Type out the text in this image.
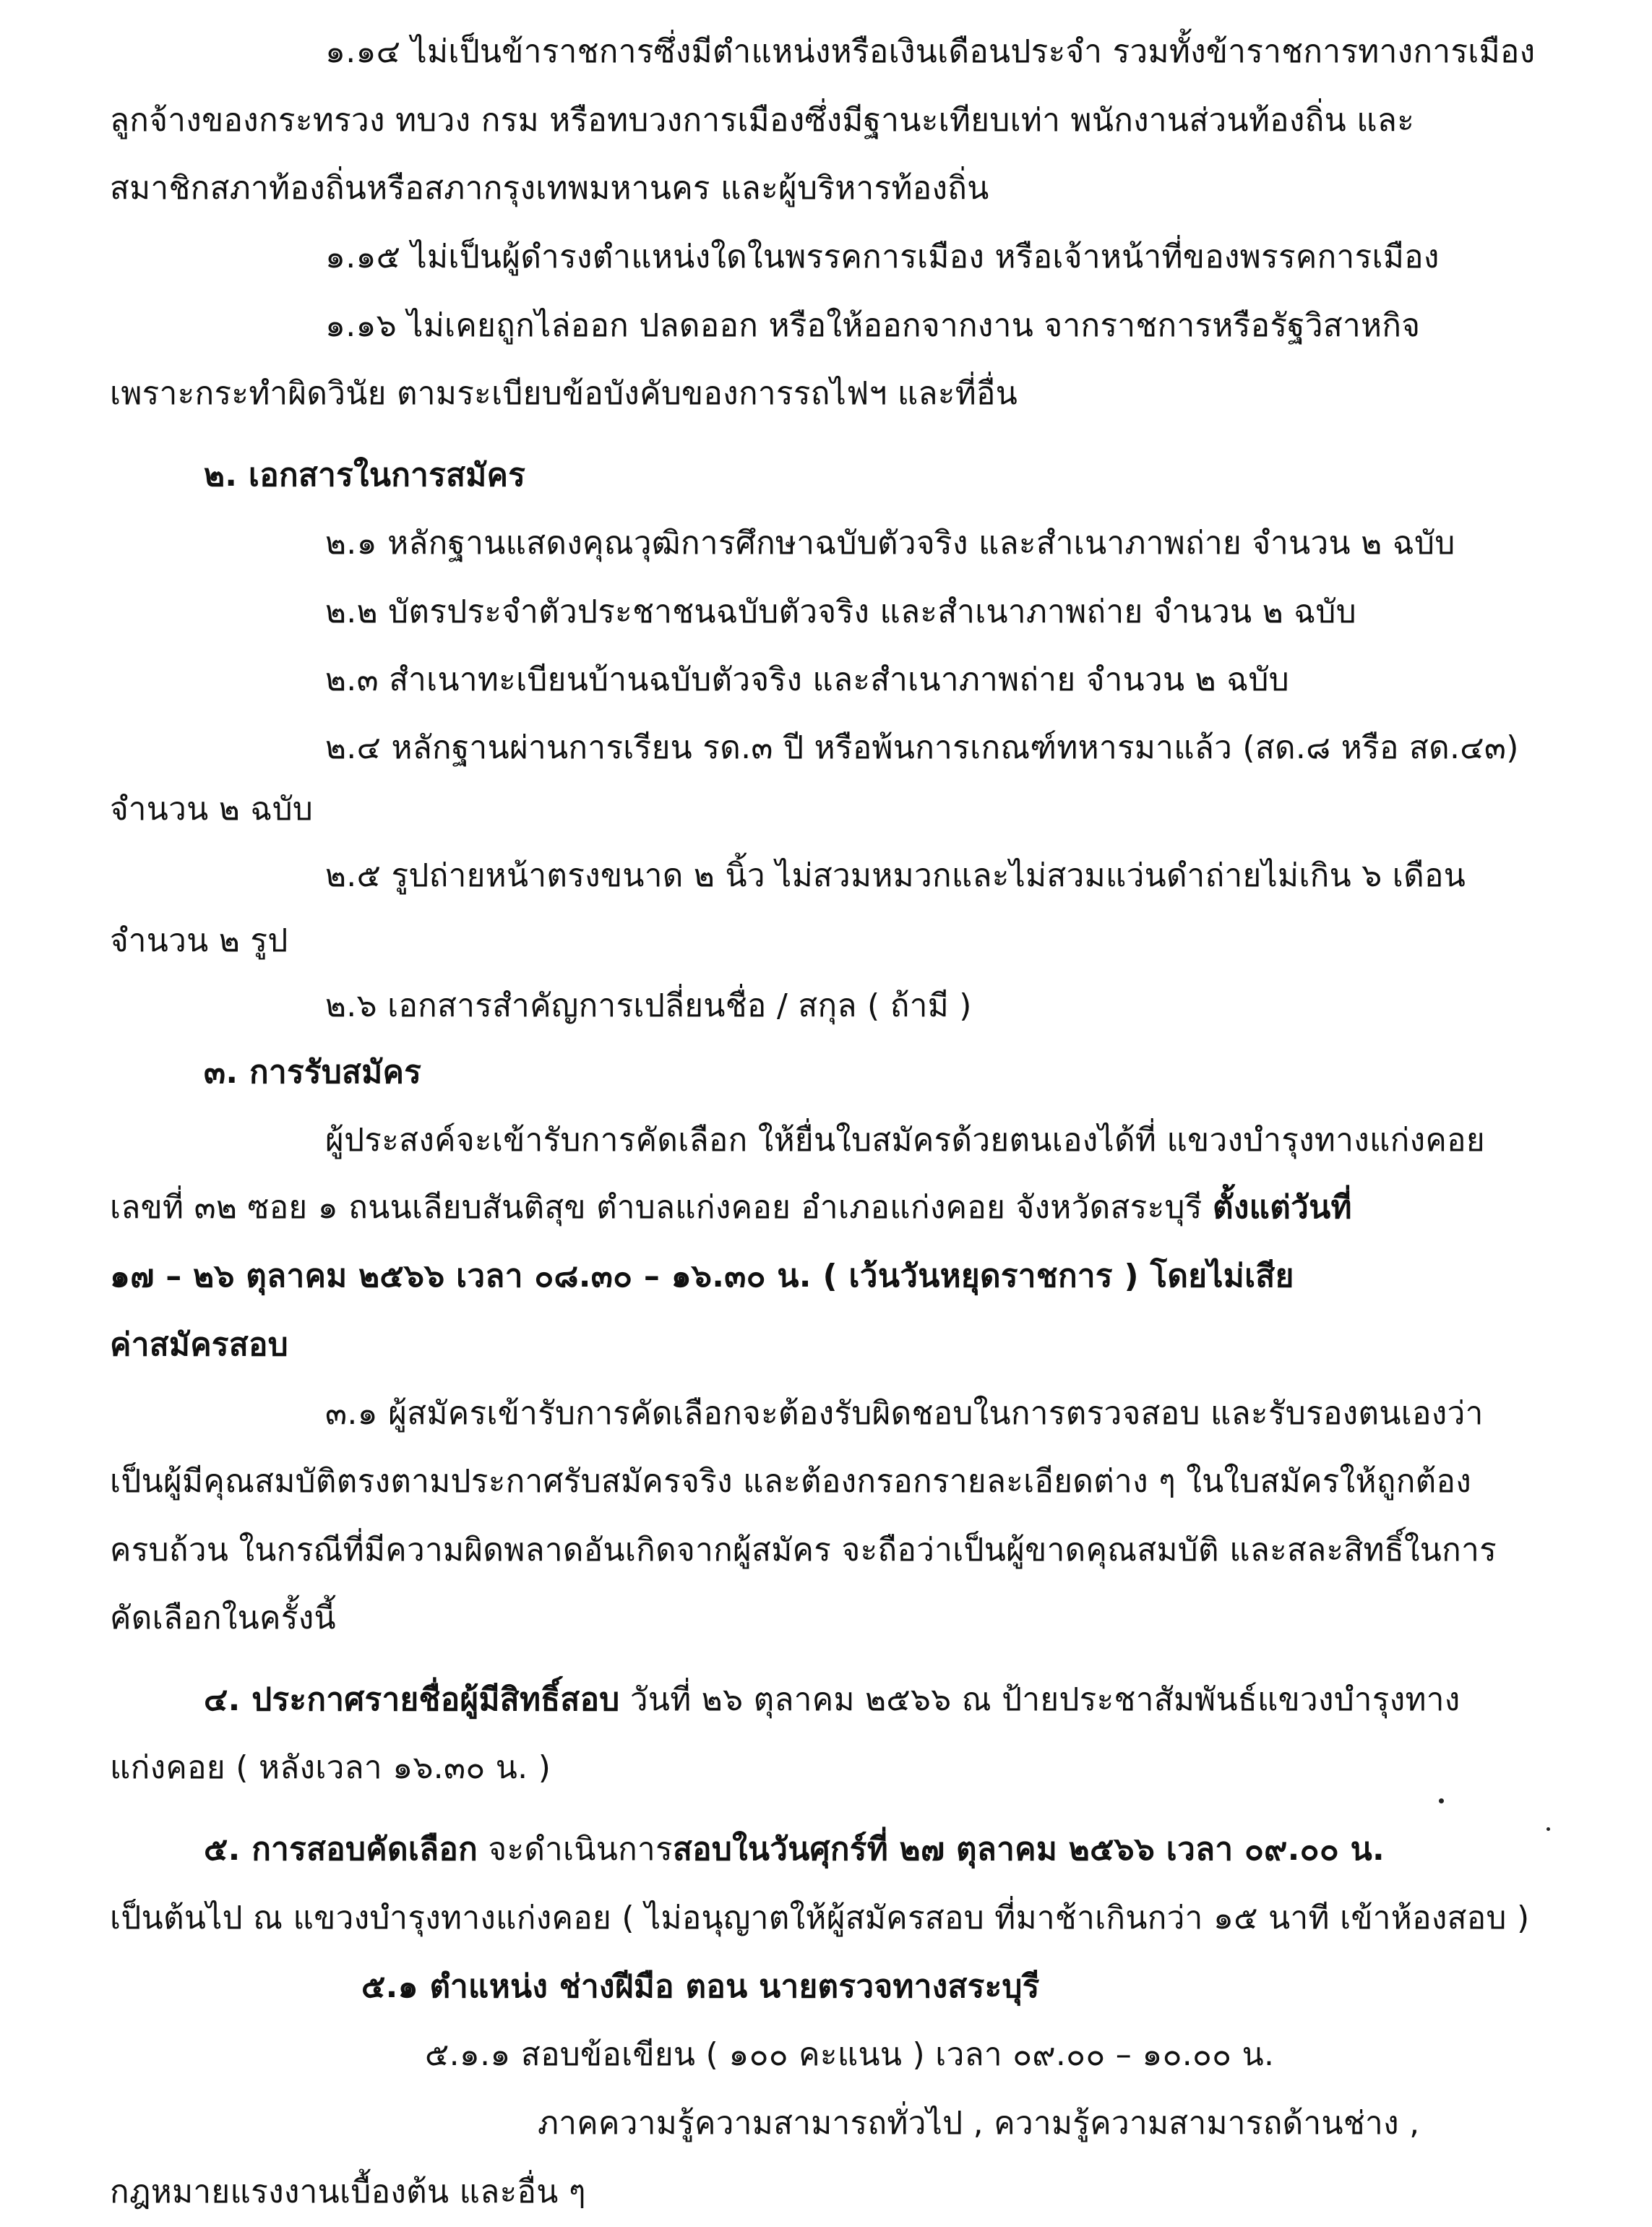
๑.๑๔ ไม่เป็นข้าราชการซึ่งมีตำแหน่งหรือเงินเดือนประจำ รวมทั้งข้าราชการทางการเมือง
ลูกจ้างของกระทรวง ทบวง กรม หรือทบวงการเมืองซึ่งมีฐานะเทียบเท่า พนักงานส่วนท้องถิ่น และ
สมาชิกสภาท้องถิ่นหรือสภากรุงเทพมหานคร และผู้บริหารท้องถิ่น
๑.๑๕ ไม่เป็นผู้ดำรงตำแหน่งใดในพรรคการเมือง หรือเจ้าหน้าที่ของพรรคการเมือง
๑.๑๖ ไม่เคยถูกไล่ออก ปลดออก หรือให้ออกจากงาน จากราชการหรือรัฐวิสาหกิจ
เพราะกระทำผิดวินัย ตามระเบียบข้อบังคับของการรถไฟฯ และที่อื่น
๒. เอกสารในการสมัคร
๒.๑ หลักฐานแสดงคุณวุฒิการศึกษาฉบับตัวจริง และสำเนาภาพถ่าย จำนวน ๒ ฉบับ
๒.๒ บัตรประจำตัวประชาชนฉบับตัวจริง และสำเนาภาพถ่าย จำนวน ๒ ฉบับ
๒.๓ สำเนาทะเบียนบ้านฉบับตัวจริง และสำเนาภาพถ่าย จำนวน ๒ ฉบับ
๒.๔ หลักฐานผ่านการเรียน รด.๓ ปี หรือพ้นการเกณฑ์ทหารมาแล้ว (สด.๘ หรือ สด.๔๓)
จำนวน ๒ ฉบับ
๒.๕ รูปถ่ายหน้าตรงขนาด ๒ นิ้ว ไม่สวมหมวกและไม่สวมแว่นดำถ่ายไม่เกิน ๖ เดือน
จำนวน ๒ รูป
๒.๖ เอกสารสำคัญการเปลี่ยนชื่อ / สกุล ( ถ้ามี )
๓. การรับสมัคร
ผู้ประสงค์จะเข้ารับการคัดเลือก ให้ยื่นใบสมัครด้วยตนเองได้ที่ แขวงบำรุงทางแก่งคอย
เลขที่ ๓๒ ซอย ๑ ถนนเลียบสันติสุข ตำบลแก่งคอย อำเภอแก่งคอย จังหวัดสระบุรี ตั้งแต่วันที่
๑๗ – ๒๖ ตุลาคม ๒๕๖๖ เวลา ๐๘.๓๐ – ๑๖.๓๐ น. ( เว้นวันหยุดราชการ ) โดยไม่เสีย
ค่าสมัครสอบ
๓.๑ ผู้สมัครเข้ารับการคัดเลือกจะต้องรับผิดชอบในการตรวจสอบ และรับรองตนเองว่า
เป็นผู้มีคุณสมบัติตรงตามประกาศรับสมัครจริง และต้องกรอกรายละเอียดต่าง ๆ ในใบสมัครให้ถูกต้อง
ครบถ้วน ในกรณีที่มีความผิดพลาดอันเกิดจากผู้สมัคร จะถือว่าเป็นผู้ขาดคุณสมบัติ และสละสิทธิ์ในการ
คัดเลือกในครั้งนี้
๔. ประกาศรายชื่อผู้มีสิทธิ์สอบ วันที่ ๒๖ ตุลาคม ๒๕๖๖ ณ ป้ายประชาสัมพันธ์แขวงบำรุงทาง
แก่งคอย ( หลังเวลา ๑๖.๓๐ น. )
๕. การสอบคัดเลือก จะดำเนินการสอบในวันศุกร์ที่ ๒๗ ตุลาคม ๒๕๖๖ เวลา ๐๙.๐๐ น.
เป็นต้นไป ณ แขวงบำรุงทางแก่งคอย ( ไม่อนุญาตให้ผู้สมัครสอบ ที่มาช้าเกินกว่า ๑๕ นาที เข้าห้องสอบ )
๕.๑ ตำแหน่ง ช่างฝีมือ ตอน นายตรวจทางสระบุรี
๕.๑.๑ สอบข้อเขียน ( ๑๐๐ คะแนน ) เวลา ๐๙.๐๐ – ๑๐.๐๐ น.
ภาคความรู้ความสามารถทั่วไป , ความรู้ความสามารถด้านช่าง ,
กฎหมายแรงงานเบื้องต้น และอื่น ๆ
